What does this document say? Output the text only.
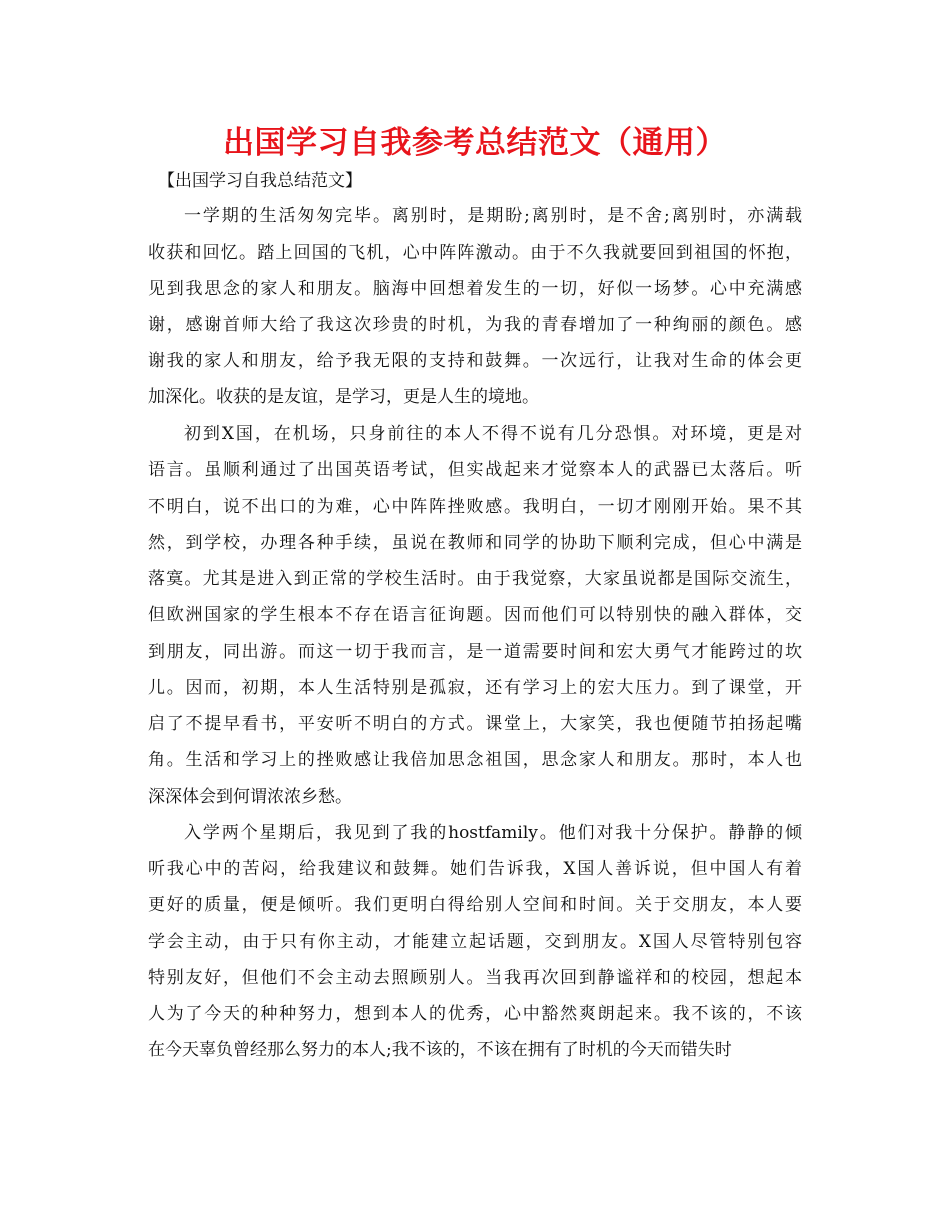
出国学习自我参考总结范文（通用）
【出国学习自我总结范文】
一学期的生活匆匆完毕。离别时，是期盼;离别时，是不舍;离别时，亦满载
收获和回忆。踏上回国的飞机，心中阵阵激动。由于不久我就要回到祖国的怀抱，
见到我思念的家人和朋友。脑海中回想着发生的一切，好似一场梦。心中充满感
谢，感谢首师大给了我这次珍贵的时机，为我的青春增加了一种绚丽的颜色。感
谢我的家人和朋友，给予我无限的支持和鼓舞。一次远行，让我对生命的体会更
加深化。收获的是友谊，是学习，更是人生的境地。
初到X国，在机场，只身前往的本人不得不说有几分恐惧。对环境，更是对
语言。虽顺利通过了出国英语考试，但实战起来才觉察本人的武器已太落后。听
不明白，说不出口的为难，心中阵阵挫败感。我明白，一切才刚刚开始。果不其
然，到学校，办理各种手续，虽说在教师和同学的协助下顺利完成，但心中满是
落寞。尤其是进入到正常的学校生活时。由于我觉察，大家虽说都是国际交流生，
但欧洲国家的学生根本不存在语言征询题。因而他们可以特别快的融入群体，交
到朋友，同出游。而这一切于我而言，是一道需要时间和宏大勇气才能跨过的坎
儿。因而，初期，本人生活特别是孤寂，还有学习上的宏大压力。到了课堂，开
启了不提早看书，平安听不明白的方式。课堂上，大家笑，我也便随节拍扬起嘴
角。生活和学习上的挫败感让我倍加思念祖国，思念家人和朋友。那时，本人也
深深体会到何谓浓浓乡愁。
入学两个星期后，我见到了我的hostfamily。他们对我十分保护。静静的倾
听我心中的苦闷，给我建议和鼓舞。她们告诉我，X国人善诉说，但中国人有着
更好的质量，便是倾听。我们更明白得给别人空间和时间。关于交朋友，本人要
学会主动，由于只有你主动，才能建立起话题，交到朋友。X国人尽管特别包容
特别友好，但他们不会主动去照顾别人。当我再次回到静谧祥和的校园，想起本
人为了今天的种种努力，想到本人的优秀，心中豁然爽朗起来。我不该的，不该
在今天辜负曾经那么努力的本人;我不该的，不该在拥有了时机的今天而错失时
